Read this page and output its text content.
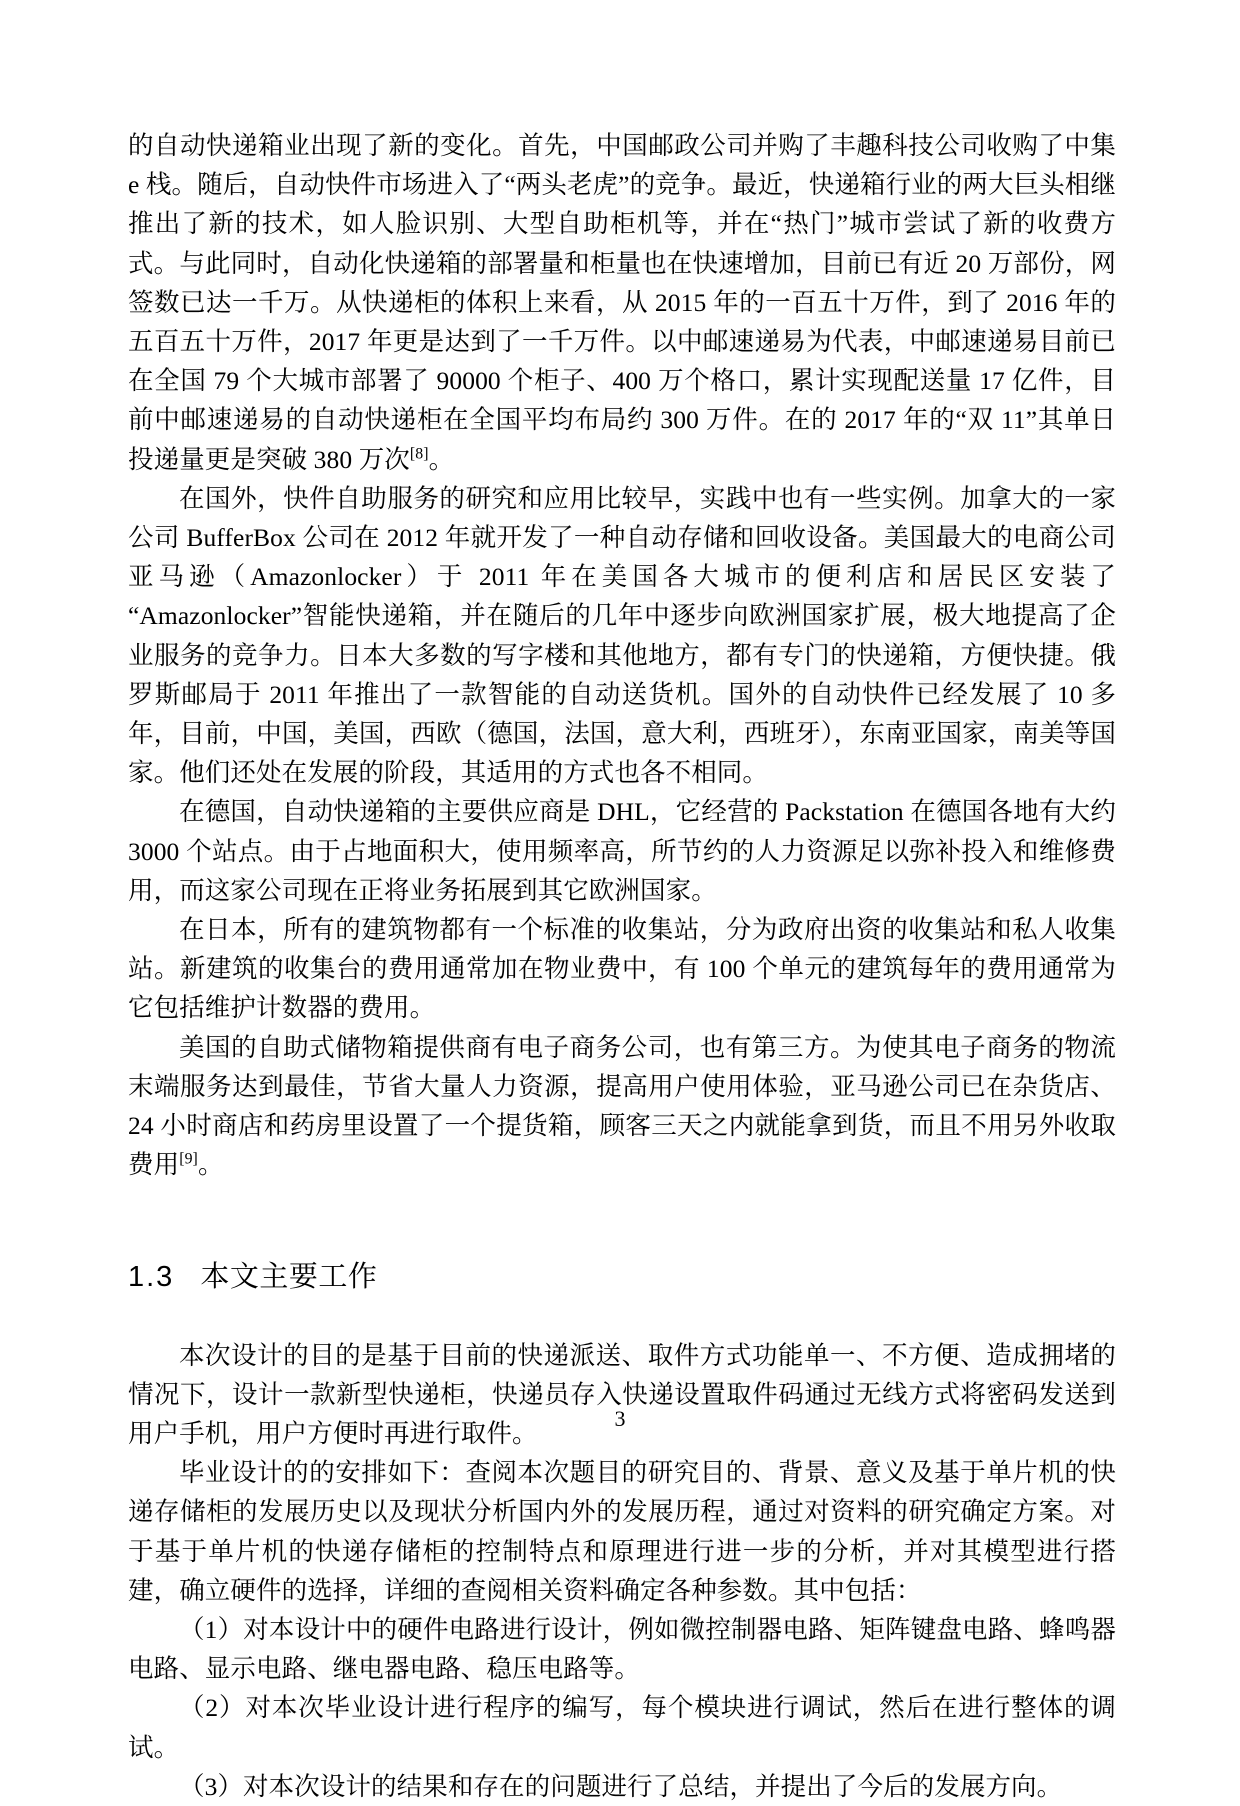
的自动快递箱业出现了新的变化。首先，中国邮政公司并购了丰趣科技公司收购了中集 e 栈。随后，自动快件市场进入了“两头老虎”的竞争。最近，快递箱行业的两大巨头相继推出了新的技术，如人脸识别、大型自助柜机等，并在“热门”城市尝试了新的收费方式。与此同时，自动化快递箱的部署量和柜量也在快速增加，目前已有近 20 万部份，网签数已达一千万。从快递柜的体积上来看，从 2015 年的一百五十万件，到了 2016 年的五百五十万件，2017 年更是达到了一千万件。以中邮速递易为代表，中邮速递易目前已在全国 79 个大城市部署了 90000 个柜子、400 万个格口，累计实现配送量 17 亿件，目前中邮速递易的自动快递柜在全国平均布局约 300 万件。在的 2017 年的“双 11”其单日投递量更是突破 380 万次[8]。

在国外，快件自助服务的研究和应用比较早，实践中也有一些实例。加拿大的一家公司 BufferBox 公司在 2012 年就开发了一种自动存储和回收设备。美国最大的电商公司亚马逊（Amazonlocker）于 2011 年在美国各大城市的便利店和居民区安装了“Amazonlocker”智能快递箱，并在随后的几年中逐步向欧洲国家扩展，极大地提高了企业服务的竞争力。日本大多数的写字楼和其他地方，都有专门的快递箱，方便快捷。俄罗斯邮局于 2011 年推出了一款智能的自动送货机。国外的自动快件已经发展了 10 多年，目前，中国，美国，西欧（德国，法国，意大利，西班牙），东南亚国家，南美等国家。他们还处在发展的阶段，其适用的方式也各不相同。

在德国，自动快递箱的主要供应商是 DHL，它经营的 Packstation 在德国各地有大约 3000 个站点。由于占地面积大，使用频率高，所节约的人力资源足以弥补投入和维修费用，而这家公司现在正将业务拓展到其它欧洲国家。

在日本，所有的建筑物都有一个标准的收集站，分为政府出资的收集站和私人收集站。新建筑的收集台的费用通常加在物业费中，有 100 个单元的建筑每年的费用通常为它包括维护计数器的费用。

美国的自助式储物箱提供商有电子商务公司，也有第三方。为使其电子商务的物流末端服务达到最佳，节省大量人力资源，提高用户使用体验，亚马逊公司已在杂货店、24 小时商店和药房里设置了一个提货箱，顾客三天之内就能拿到货，而且不用另外收取费用[9]。

1.3 本文主要工作

本次设计的目的是基于目前的快递派送、取件方式功能单一、不方便、造成拥堵的情况下，设计一款新型快递柜，快递员存入快递设置取件码通过无线方式将密码发送到用户手机，用户方便时再进行取件。

毕业设计的的安排如下：查阅本次题目的研究目的、背景、意义及基于单片机的快递存储柜的发展历史以及现状分析国内外的发展历程，通过对资料的研究确定方案。对于基于单片机的快递存储柜的控制特点和原理进行进一步的分析，并对其模型进行搭建，确立硬件的选择，详细的查阅相关资料确定各种参数。其中包括：

（1）对本设计中的硬件电路进行设计，例如微控制器电路、矩阵键盘电路、蜂鸣器电路、显示电路、继电器电路、稳压电路等。

（2）对本次毕业设计进行程序的编写，每个模块进行调试，然后在进行整体的调试。

（3）对本次设计的结果和存在的问题进行了总结，并提出了今后的发展方向。

3
